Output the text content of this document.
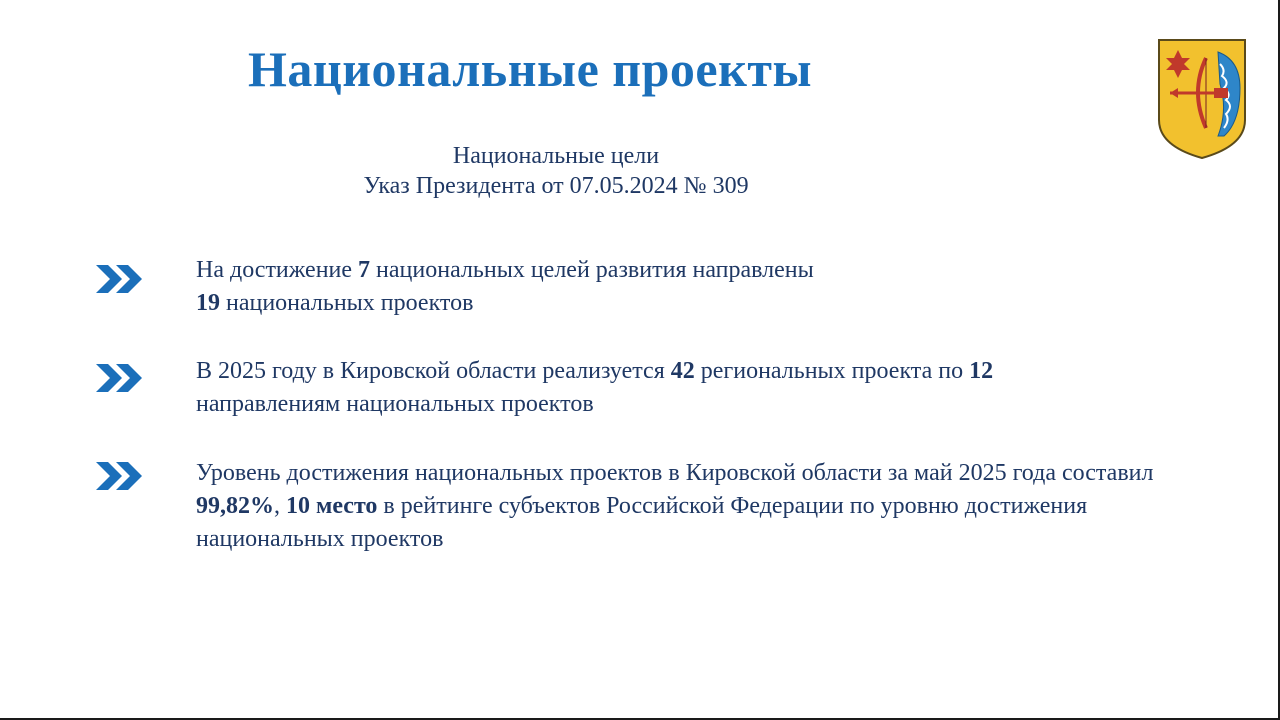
Национальные проекты
Национальные цели
Указ Президента от 07.05.2024 № 309
На достижение 7 национальных целей развития направлены
19 национальных проектов
В 2025 году в Кировской области реализуется 42 региональных проекта по 12
направлениям национальных проектов
Уровень достижения национальных проектов в Кировской области за май 2025 года составил 99,82%, 10 место в рейтинге субъектов Российской Федерации по уровню достижения национальных проектов
